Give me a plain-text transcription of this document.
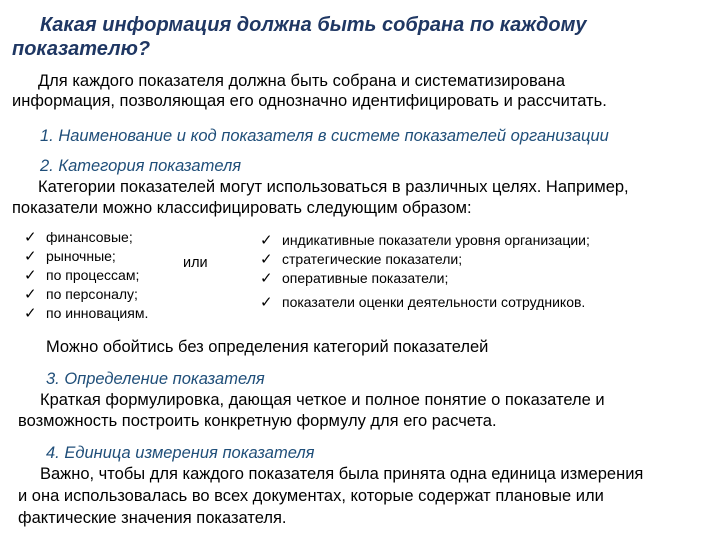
Какая информация должна быть собрана по каждому
показателю?
Для каждого показателя должна быть собрана и систематизирована
информация, позволяющая его однозначно идентифицировать и рассчитать.
1. Наименование и код показателя в системе показателей организации
2. Категория показателя
Категории показателей могут использоваться в различных целях. Например,
показатели можно классифицировать следующим образом:
✓ финансовые;
✓ рыночные;
✓ по процессам;
✓ по персоналу;
✓ по инновациям.
или
✓ индикативные показатели уровня организации;
✓ стратегические показатели;
✓ оперативные показатели;
✓ показатели оценки деятельности сотрудников.
Можно обойтись без определения категорий показателей
3. Определение показателя
Краткая формулировка, дающая четкое и полное понятие о показателе и
возможность построить конкретную формулу для его расчета.
4. Единица измерения показателя
Важно, чтобы для каждого показателя была принята одна единица измерения
и она использовалась во всех документах, которые содержат плановые или
фактические значения показателя.
